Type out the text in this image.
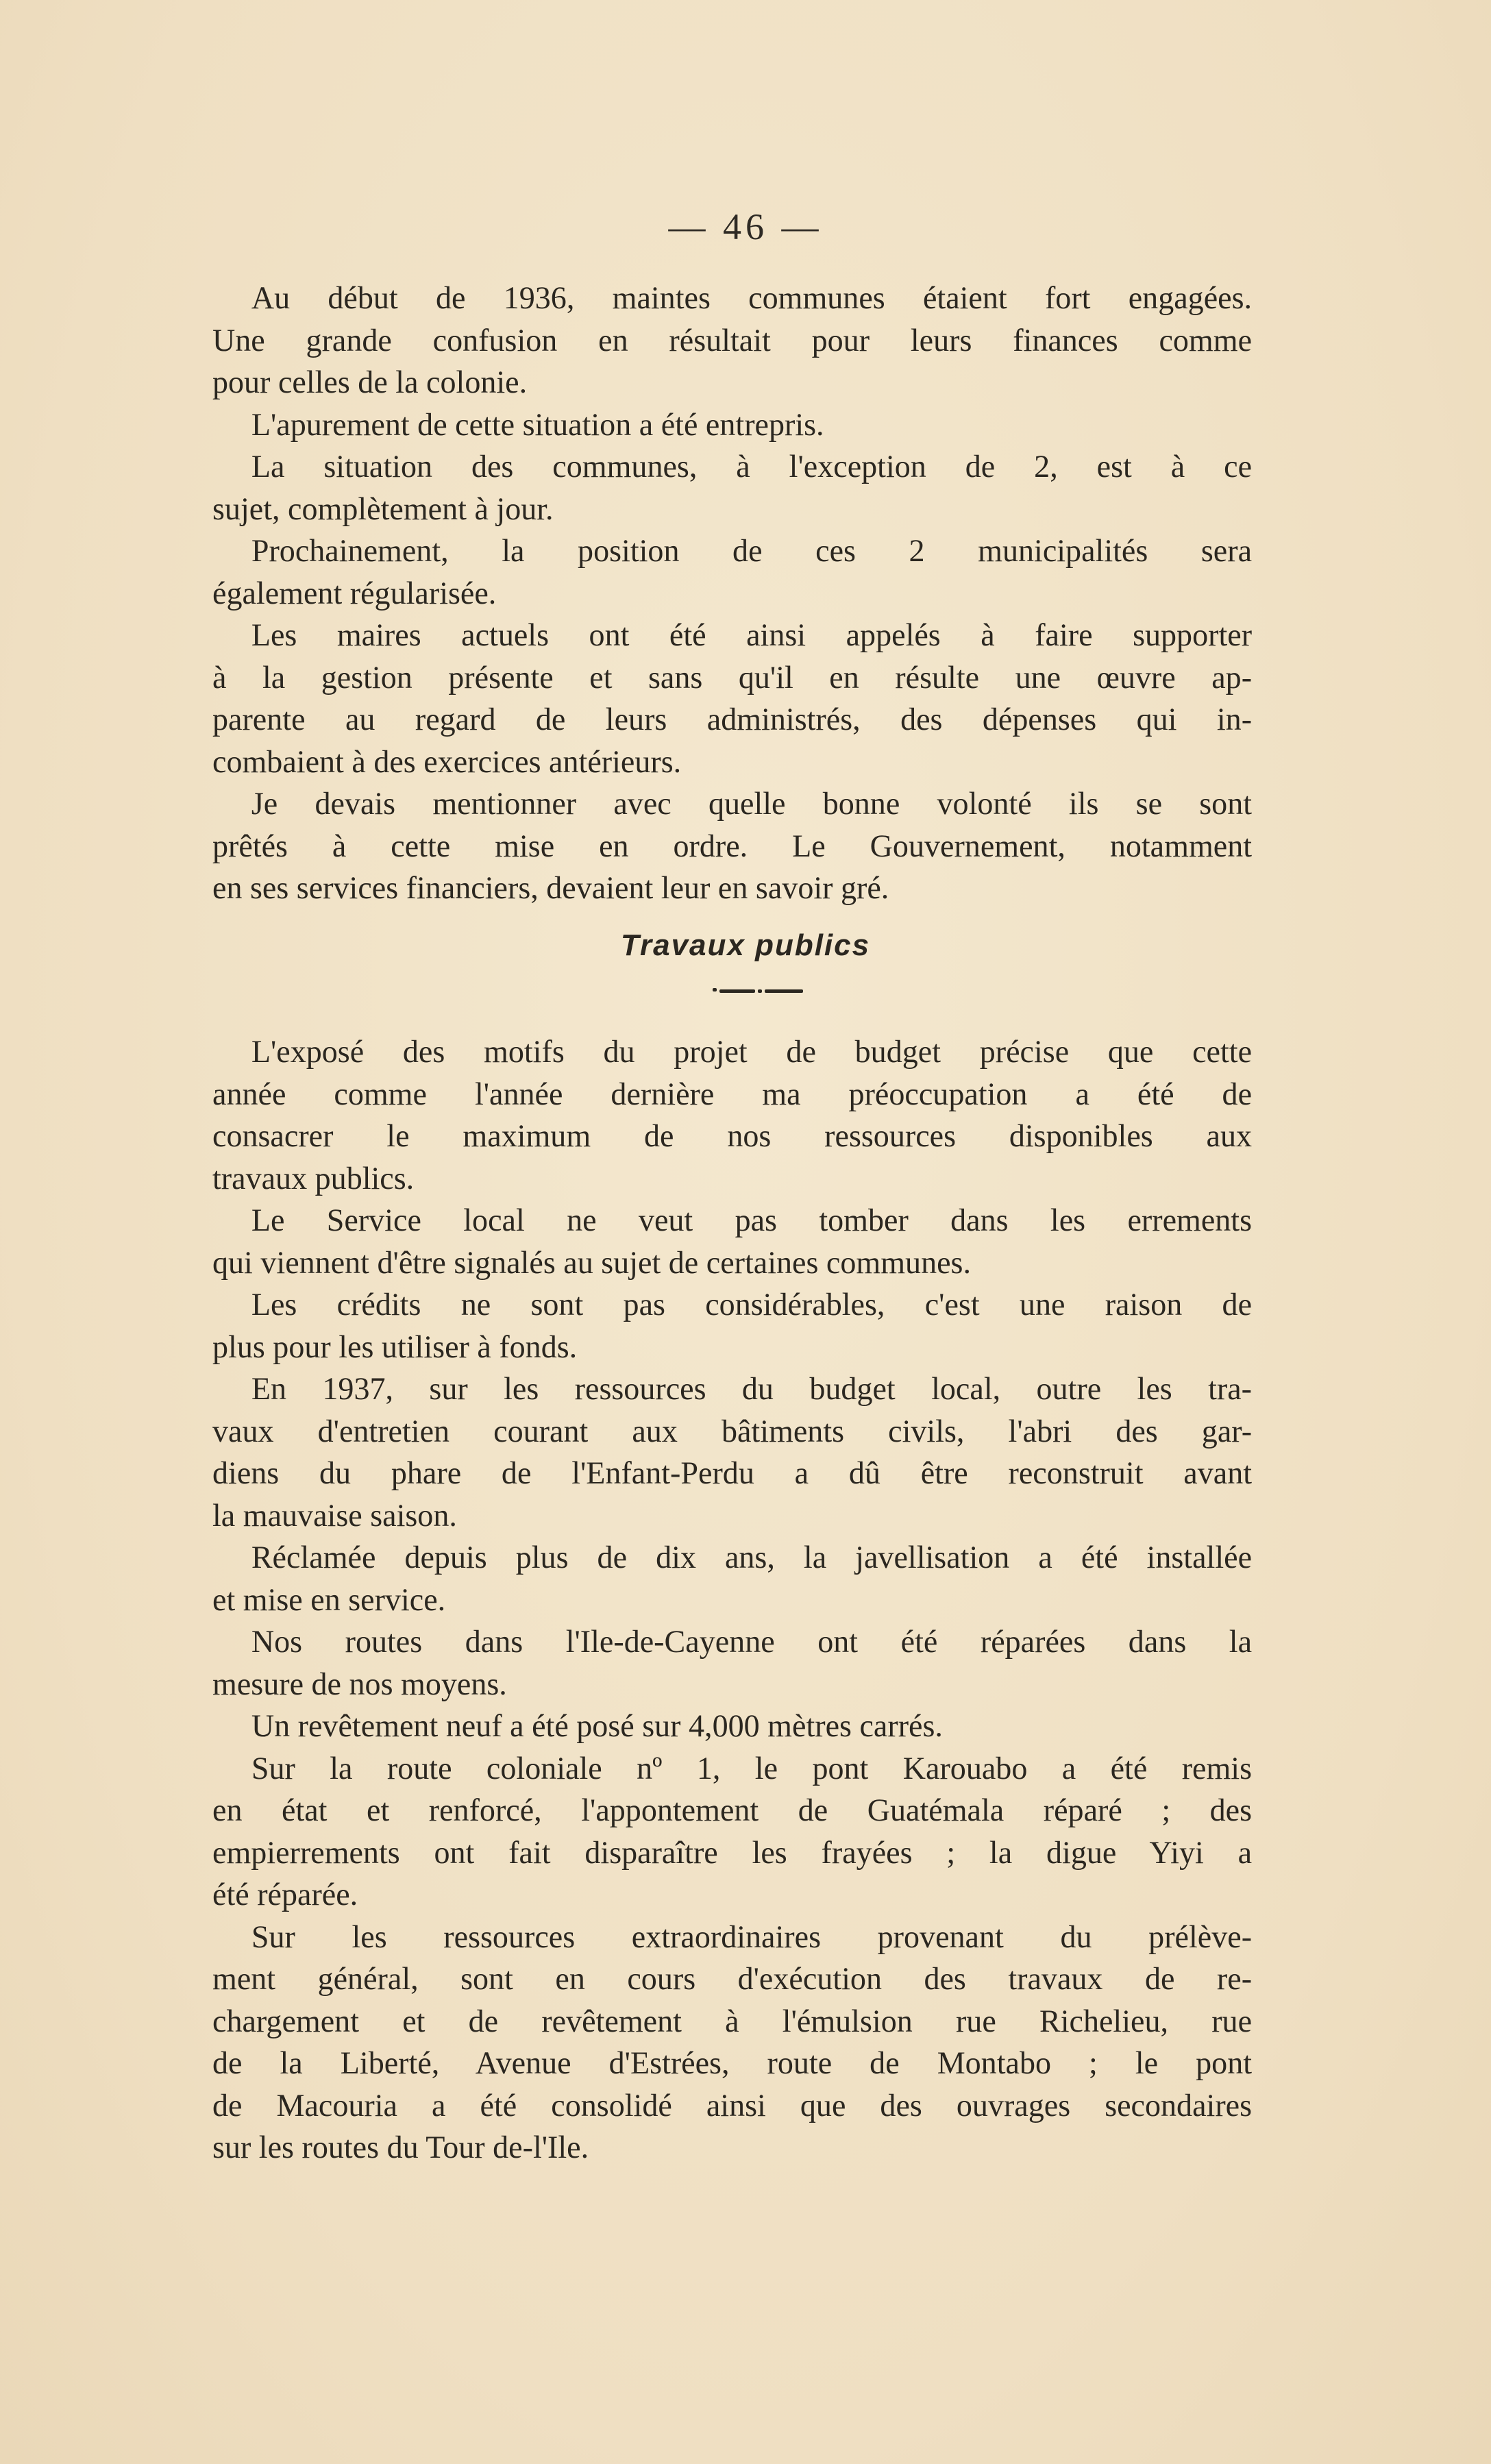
— 46 —
Au début de 1936, maintes communes étaient fort engagées.
Une grande confusion en résultait pour leurs finances comme
pour celles de la colonie.
L'apurement de cette situation a été entrepris.
La situation des communes, à l'exception de 2, est à ce
sujet, complètement à jour.
Prochainement, la position de ces 2 municipalités sera
également régularisée.
Les maires actuels ont été ainsi appelés à faire supporter
à la gestion présente et sans qu'il en résulte une œuvre ap-
parente au regard de leurs administrés, des dépenses qui in-
combaient à des exercices antérieurs.
Je devais mentionner avec quelle bonne volonté ils se sont
prêtés à cette mise en ordre. Le Gouvernement, notamment
en ses services financiers, devaient leur en savoir gré.
Travaux publics
L'exposé des motifs du projet de budget précise que cette
année comme l'année dernière ma préoccupation a été de
consacrer le maximum de nos ressources disponibles aux
travaux publics.
Le Service local ne veut pas tomber dans les errements
qui viennent d'être signalés au sujet de certaines communes.
Les crédits ne sont pas considérables, c'est une raison de
plus pour les utiliser à fonds.
En 1937, sur les ressources du budget local, outre les tra-
vaux d'entretien courant aux bâtiments civils, l'abri des gar-
diens du phare de l'Enfant-Perdu a dû être reconstruit avant
la mauvaise saison.
Réclamée depuis plus de dix ans, la javellisation a été installée
et mise en service.
Nos routes dans l'Ile-de-Cayenne ont été réparées dans la
mesure de nos moyens.
Un revêtement neuf a été posé sur 4,000 mètres carrés.
Sur la route coloniale nº 1, le pont Karouabo a été remis
en état et renforcé, l'appontement de Guatémala réparé ; des
empierrements ont fait disparaître les frayées ; la digue Yiyi a
été réparée.
Sur les ressources extraordinaires provenant du prélève-
ment général, sont en cours d'exécution des travaux de re-
chargement et de revêtement à l'émulsion rue Richelieu, rue
de la Liberté, Avenue d'Estrées, route de Montabo ; le pont
de Macouria a été consolidé ainsi que des ouvrages secondaires
sur les routes du Tour de-l'Ile.
